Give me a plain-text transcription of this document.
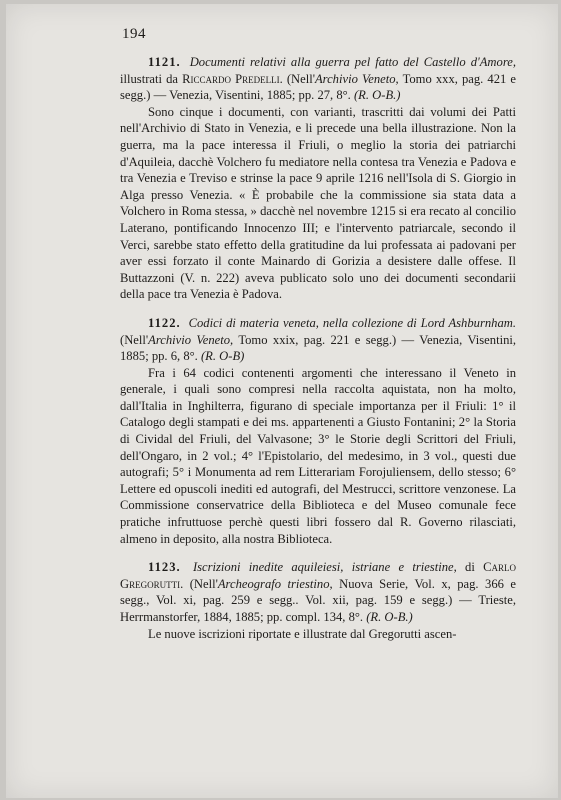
194

1121. Documenti relativi alla guerra pel fatto del Castello d'Amore, illustrati da Riccardo Predelli. (Nell'Archivio Veneto, Tomo xxx, pag. 421 e segg.) — Venezia, Visentini, 1885; pp. 27, 8°. (R. O-B.)

Sono cinque i documenti, con varianti, trascritti dai volumi dei Patti nell'Archivio di Stato in Venezia, e li precede una bella illustrazione. Non la guerra, ma la pace interessa il Friuli, o meglio la storia dei patriarchi d'Aquileia, dacchè Volchero fu mediatore nella contesa tra Venezia e Padova e tra Venezia e Treviso e strinse la pace 9 aprile 1216 nell'Isola di S. Giorgio in Alga presso Venezia. « È probabile che la commissione sia stata data a Volchero in Roma stessa, » dacchè nel novembre 1215 si era recato al concilio Laterano, pontificando Innocenzo III; e l'intervento patriarcale, secondo il Verci, sarebbe stato effetto della gratitudine da lui professata ai padovani per aver essi forzato il conte Mainardo di Gorizia a desistere dalle offese. Il Buttazzoni (V. n. 222) aveva publicato solo uno dei documenti secondarii della pace tra Venezia è Padova.

1122. Codici di materia veneta, nella collezione di Lord Ashburnham. (Nell'Archivio Veneto, Tomo xxix, pag. 221 e segg.) — Venezia, Visentini, 1885; pp. 6, 8°. (R. O-B)

Fra i 64 codici contenenti argomenti che interessano il Veneto in generale, i quali sono compresi nella raccolta aquistata, non ha molto, dall'Italia in Inghilterra, figurano di speciale importanza per il Friuli: 1° il Catalogo degli stampati e dei ms. appartenenti a Giusto Fontanini; 2° la Storia di Cividal del Friuli, del Valvasone; 3° le Storie degli Scrittori del Friuli, dell'Ongaro, in 2 vol.; 4° l'Epistolario, del medesimo, in 3 vol., questi due autografi; 5° i Monumenta ad rem Litterariam Forojuliensem, dello stesso; 6° Lettere ed opuscoli inediti ed autografi, del Mestrucci, scrittore venzonese. La Commissione conservatrice della Biblioteca e del Museo comunale fece pratiche infruttuose perchè questi libri fossero dal R. Governo rilasciati, almeno in deposito, alla nostra Biblioteca.

1123. Iscrizioni inedite aquileiesi, istriane e triestine, di Carlo Gregorutti. (Nell'Archeografo triestino, Nuova Serie, Vol. x, pag. 366 e segg., Vol. xi, pag. 259 e segg.. Vol. xii, pag. 159 e segg.) — Trieste, Herrmanstorfer, 1884, 1885; pp. compl. 134, 8°. (R. O-B.)

Le nuove iscrizioni riportate e illustrate dal Gregorutti ascen-
